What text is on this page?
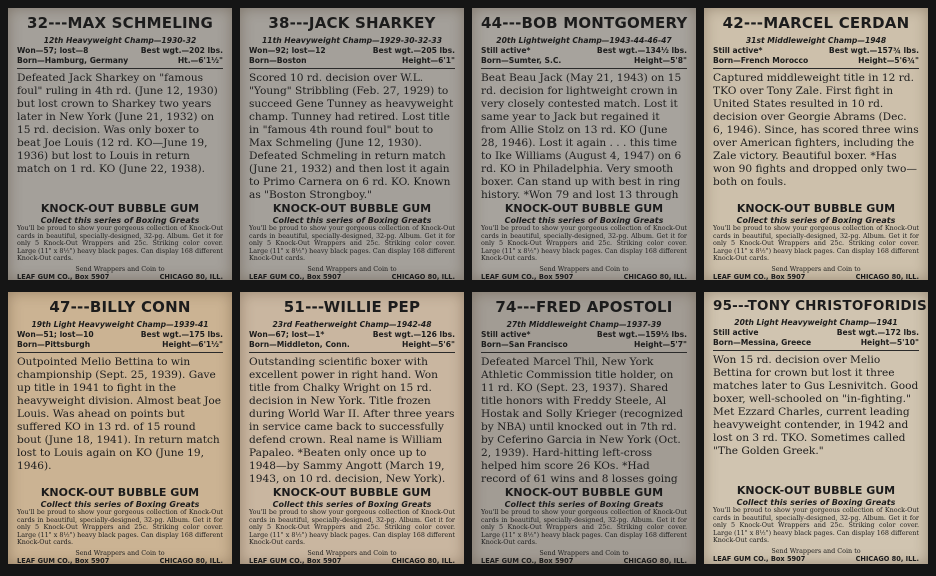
32---MAX SCHMELING
12th Heavyweight Champ—1930-32
Won—57; lost—8	Best wgt.—202 lbs.
Born—Hamburg, Germany	Ht.—6'1½"
Defeated Jack Sharkey on "famous foul" ruling in 4th rd. (June 12, 1930) but lost crown to Sharkey two years later in New York (June 21, 1932) on 15 rd. decision. Was only boxer to beat Joe Louis (12 rd. KO—June 19, 1936) but lost to Louis in return match on 1 rd. KO (June 22, 1938).
KNOCK-OUT BUBBLE GUM
Collect this series of Boxing Greats
You'll be proud to show your gorgeous collection of Knock-Out cards in beautiful, specially-designed, 32-pg. Album. Get it for only 5 Knock-Out Wrappers and 25c. Striking color cover. Large (11" x 8½") heavy black pages. Can display 168 different Knock-Out cards.
Send Wrappers and Coin to
LEAF GUM CO., Box 5907	CHICAGO 80, ILL.
38---JACK SHARKEY
11th Heavyweight Champ—1929-30-32-33
Won—92; lost—12	Best wgt.—205 lbs.
Born—Boston	Height—6'1"
Scored 10 rd. decision over W.L. "Young" Stribbling (Feb. 27, 1929) to succeed Gene Tunney as heavyweight champ. Tunney had retired. Lost title in "famous 4th round foul" bout to Max Schmeling (June 12, 1930). Defeated Schmeling in return match (June 21, 1932) and then lost it again to Primo Carnera on 6 rd. KO. Known as "Boston Strongboy."
KNOCK-OUT BUBBLE GUM
Collect this series of Boxing Greats
You'll be proud to show your gorgeous collection of Knock-Out cards in beautiful, specially-designed, 32-pg. Album. Get it for only 5 Knock-Out Wrappers and 25c. Striking color cover. Large (11" x 8½") heavy black pages. Can display 168 different Knock-Out cards.
Send Wrappers and Coin to
LEAF GUM CO., Box 5907	CHICAGO 80, ILL.
44---BOB MONTGOMERY
20th Lightweight Champ—1943-44-46-47
Still active*	Best wgt.—134½ lbs.
Born—Sumter, S.C.	Height—5'8"
Beat Beau Jack (May 21, 1943) on 15 rd. decision for lightweight crown in very closely contested match. Lost it same year to Jack but regained it from Allie Stolz on 13 rd. KO (June 28, 1946). Lost it again . . . this time to Ike Williams (August 4, 1947) on 6 rd. KO in Philadelphia. Very smooth boxer. Can stand up with best in ring history. *Won 79 and lost 13 through
KNOCK-OUT BUBBLE GUM
Collect this series of Boxing Greats
You'll be proud to show your gorgeous collection of Knock-Out cards in beautiful, specially-designed, 32-pg. Album. Get it for only 5 Knock-Out Wrappers and 25c. Striking color cover. Large (11" x 8½") heavy black pages. Can display 168 different Knock-Out cards.
Send Wrappers and Coin to
LEAF GUM CO., Box 5907	CHICAGO 80, ILL.
42---MARCEL CERDAN
31st Middleweight Champ—1948
Still active*	Best wgt.—157¾ lbs.
Born—French Morocco	Height—5'6¾"
Captured middleweight title in 12 rd. TKO over Tony Zale. First fight in United States resulted in 10 rd. decision over Georgie Abrams (Dec. 6, 1946). Since, has scored three wins over American fighters, including the Zale victory. Beautiful boxer. *Has won 90 fights and dropped only two—both on fouls.
KNOCK-OUT BUBBLE GUM
Collect this series of Boxing Greats
You'll be proud to show your gorgeous collection of Knock-Out cards in beautiful, specially-designed, 32-pg. Album. Get it for only 5 Knock-Out Wrappers and 25c. Striking color cover. Large (11" x 8½") heavy black pages. Can display 168 different Knock-Out cards.
Send Wrappers and Coin to
LEAF GUM CO., Box 5907	CHICAGO 80, ILL.
47---BILLY CONN
19th Light Heavyweight Champ—1939-41
Won—51; lost—10	Best wgt.—175 lbs.
Born—Pittsburgh	Height—6'1½"
Outpointed Melio Bettina to win championship (Sept. 25, 1939). Gave up title in 1941 to fight in the heavyweight division. Almost beat Joe Louis. Was ahead on points but suffered KO in 13 rd. of 15 round bout (June 18, 1941). In return match lost to Louis again on KO (June 19, 1946).
KNOCK-OUT BUBBLE GUM
Collect this series of Boxing Greats
You'll be proud to show your gorgeous collection of Knock-Out cards in beautiful, specially-designed, 32-pg. Album. Get it for only 5 Knock-Out Wrappers and 25c. Striking color cover. Large (11" x 8½") heavy black pages. Can display 168 different Knock-Out cards.
Send Wrappers and Coin to
LEAF GUM CO., Box 5907	CHICAGO 80, ILL.
51---WILLIE PEP
23rd Featherweight Champ—1942-48
Won—67; lost—1*	Best wgt.—126 lbs.
Born—Middleton, Conn.	Height—5'6"
Outstanding scientific boxer with excellent power in right hand. Won title from Chalky Wright on 15 rd. decision in New York. Title frozen during World War II. After three years in service came back to successfully defend crown. Real name is William Papaleo. *Beaten only once up to 1948—by Sammy Angott (March 19, 1943, on 10 rd. decision, New York).
KNOCK-OUT BUBBLE GUM
Collect this series of Boxing Greats
You'll be proud to show your gorgeous collection of Knock-Out cards in beautiful, specially-designed, 32-pg. Album. Get it for only 5 Knock-Out Wrappers and 25c. Striking color cover. Large (11" x 8½") heavy black pages. Can display 168 different Knock-Out cards.
Send Wrappers and Coin to
LEAF GUM CO., Box 5907	CHICAGO 80, ILL.
74---FRED APOSTOLI
27th Middleweight Champ—1937-39
Still active*	Best wgt.—159½ lbs.
Born—San Francisco	Height—5'7"
Defeated Marcel Thil, New York Athletic Commission title holder, on 11 rd. KO (Sept. 23, 1937). Shared title honors with Freddy Steele, Al Hostak and Solly Krieger (recognized by NBA) until knocked out in 7th rd. by Ceferino Garcia in New York (Oct. 2, 1939). Hard-hitting left-cross helped him score 26 KOs. *Had record of 61 wins and 8 losses going
KNOCK-OUT BUBBLE GUM
Collect this series of Boxing Greats
You'll be proud to show your gorgeous collection of Knock-Out cards in beautiful, specially-designed, 32-pg. Album. Get it for only 5 Knock-Out Wrappers and 25c. Striking color cover. Large (11" x 8½") heavy black pages. Can display 168 different Knock-Out cards.
Send Wrappers and Coin to
LEAF GUM CO., Box 5907	CHICAGO 80, ILL.
95---TONY CHRISTOFORIDIS
20th Light Heavyweight Champ—1941
Still active	Best wgt.—172 lbs.
Born—Messina, Greece	Height—5'10"
Won 15 rd. decision over Melio Bettina for crown but lost it three matches later to Gus Lesnivitch. Good boxer, well-schooled on "in-fighting." Met Ezzard Charles, current leading heavyweight contender, in 1942 and lost on 3 rd. TKO. Sometimes called "The Golden Greek."
KNOCK-OUT BUBBLE GUM
Collect this series of Boxing Greats
You'll be proud to show your gorgeous collection of Knock-Out cards in beautiful, specially-designed, 32-pg. Album. Get it for only 5 Knock-Out Wrappers and 25c. Striking color cover. Large (11" x 8½") heavy black pages. Can display 168 different Knock-Out cards.
Send Wrappers and Coin to
LEAF GUM CO., Box 5907	CHICAGO 80, ILL.
